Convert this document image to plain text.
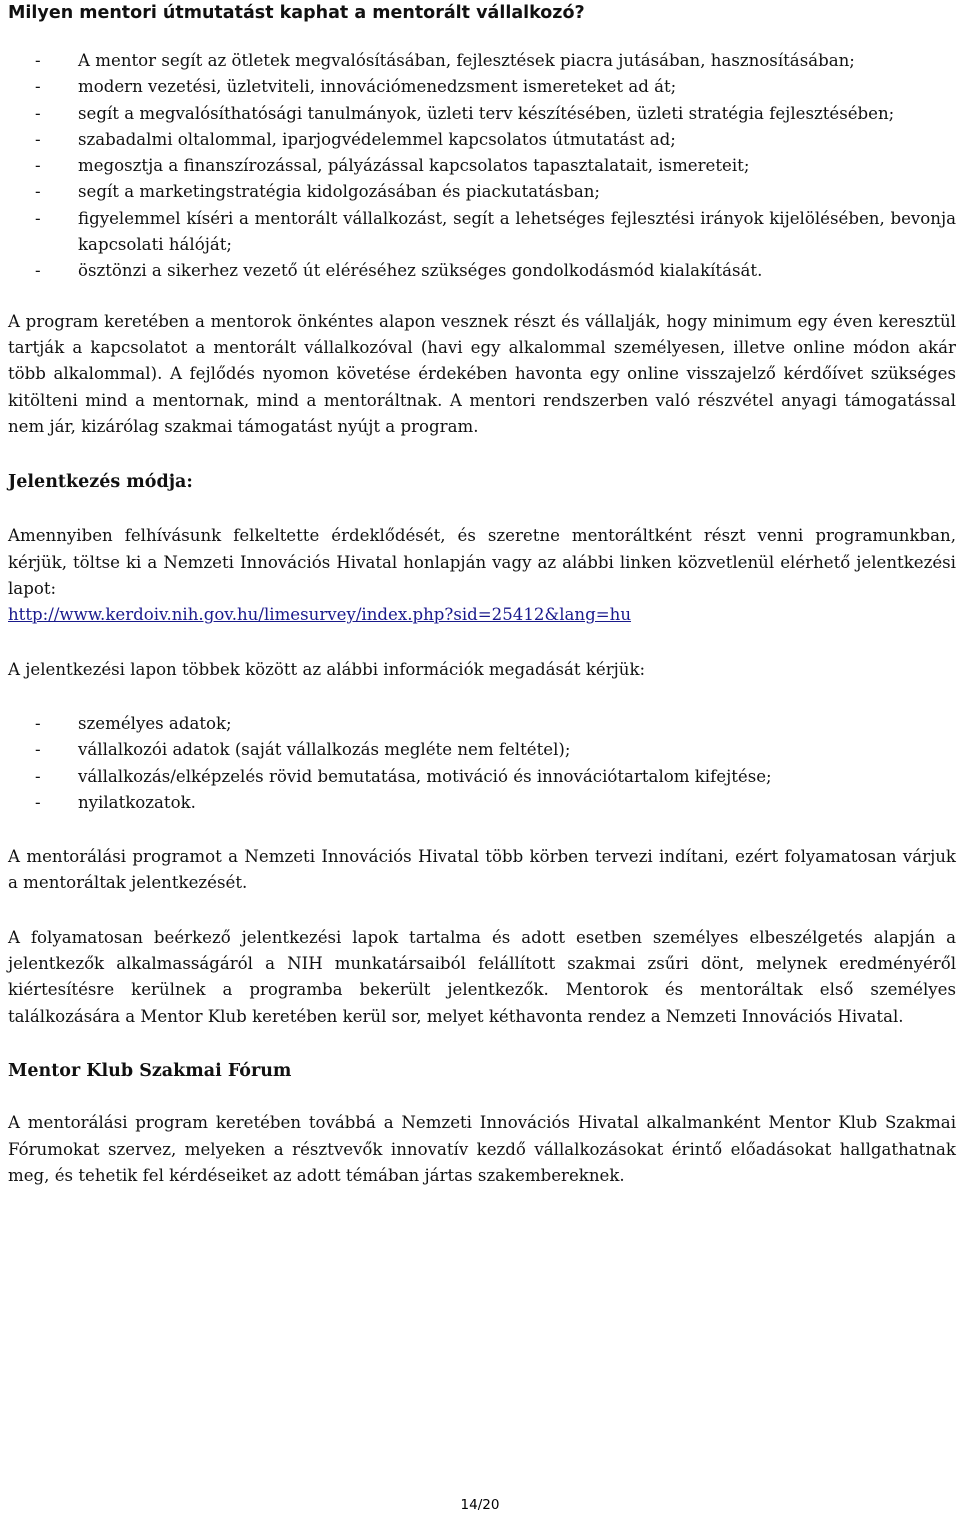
Milyen mentori útmutatást kaphat a mentorált vállalkozó?
- A mentor segít az ötletek megvalósításában, fejlesztések piacra jutásában, hasznosításában;
- modern vezetési, üzletviteli, innovációmenedzsment ismereteket ad át;
- segít a megvalósíthatósági tanulmányok, üzleti terv készítésében, üzleti stratégia fejlesztésében;
- szabadalmi oltalommal, iparjogvédelemmel kapcsolatos útmutatást ad;
- megosztja a finanszírozással, pályázással kapcsolatos tapasztalatait, ismereteit;
- segít a marketingstratégia kidolgozásában és piackutatásban;
- figyelemmel kíséri a mentorált vállalkozást, segít a lehetséges fejlesztési irányok kijelölésében, bevonja kapcsolati hálóját;
- ösztönzi a sikerhez vezető út eléréséhez szükséges gondolkodásmód kialakítását.

A program keretében a mentorok önkéntes alapon vesznek részt és vállalják, hogy minimum egy éven keresztül tartják a kapcsolatot a mentorált vállalkozóval (havi egy alkalommal személyesen, illetve online módon akár több alkalommal). A fejlődés nyomon követése érdekében havonta egy online visszajelző kérdőívet szükséges kitölteni mind a mentornak, mind a mentoráltnak. A mentori rendszerben való részvétel anyagi támogatással nem jár, kizárólag szakmai támogatást nyújt a program.

Jelentkezés módja:

Amennyiben felhívásunk felkeltette érdeklődését, és szeretne mentoráltként részt venni programunkban, kérjük, töltse ki a Nemzeti Innovációs Hivatal honlapján vagy az alábbi linken közvetlenül elérhető jelentkezési lapot:

http://www.kerdoiv.nih.gov.hu/limesurvey/index.php?sid=25412&lang=hu

A jelentkezési lapon többek között az alábbi információk megadását kérjük:

- személyes adatok;
- vállalkozói adatok (saját vállalkozás megléte nem feltétel);
- vállalkozás/elképzelés rövid bemutatása, motiváció és innovációtartalom kifejtése;
- nyilatkozatok.

A mentorálási programot a Nemzeti Innovációs Hivatal több körben tervezi indítani, ezért folyamatosan várjuk a mentoráltak jelentkezését.

A folyamatosan beérkező jelentkezési lapok tartalma és adott esetben személyes elbeszélgetés alapján a jelentkezők alkalmasságáról a NIH munkatársaiból felállított szakmai zsűri dönt, melynek eredményéről kiértesítésre kerülnek a programba bekerült jelentkezők. Mentorok és mentoráltak első személyes találkozására a Mentor Klub keretében kerül sor, melyet kéthavonta rendez a Nemzeti Innovációs Hivatal.

Mentor Klub Szakmai Fórum

A mentorálási program keretében továbbá a Nemzeti Innovációs Hivatal alkalmanként Mentor Klub Szakmai Fórumokat szervez, melyeken a résztvevők innovatív kezdő vállalkozásokat érintő előadásokat hallgathatnak meg, és tehetik fel kérdéseiket az adott témában jártas szakembereknek.

14/20
